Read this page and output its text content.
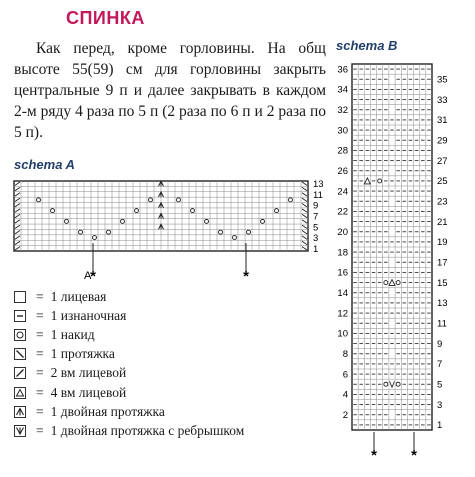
СПИНКА

Как перед, кроме горловины. На общ высоте 55(59) см для горловины закрыть центральные 9 п и далее закрывать в каждом 2-м ряду 4 раза по 5 п (2 раза по 6 п и 2 раза по 5 п).

schema A
schema B
13
11
9
7
5
3
1
A
*	*
2
4
6
8
10
12
14
16
18
20
22
24
26
28
30
32
34
36
1
3
5
7
9
11
13
15
17
19
21
23
25
27
29
31
33
35
* *
= 1 лицевая
= 1 изнаночная
= 1 накид
= 1 протяжка
= 2 вм лицевой
= 4 вм лицевой
= 1 двойная протяжка
= 1 двойная протяжка с ребрышком
